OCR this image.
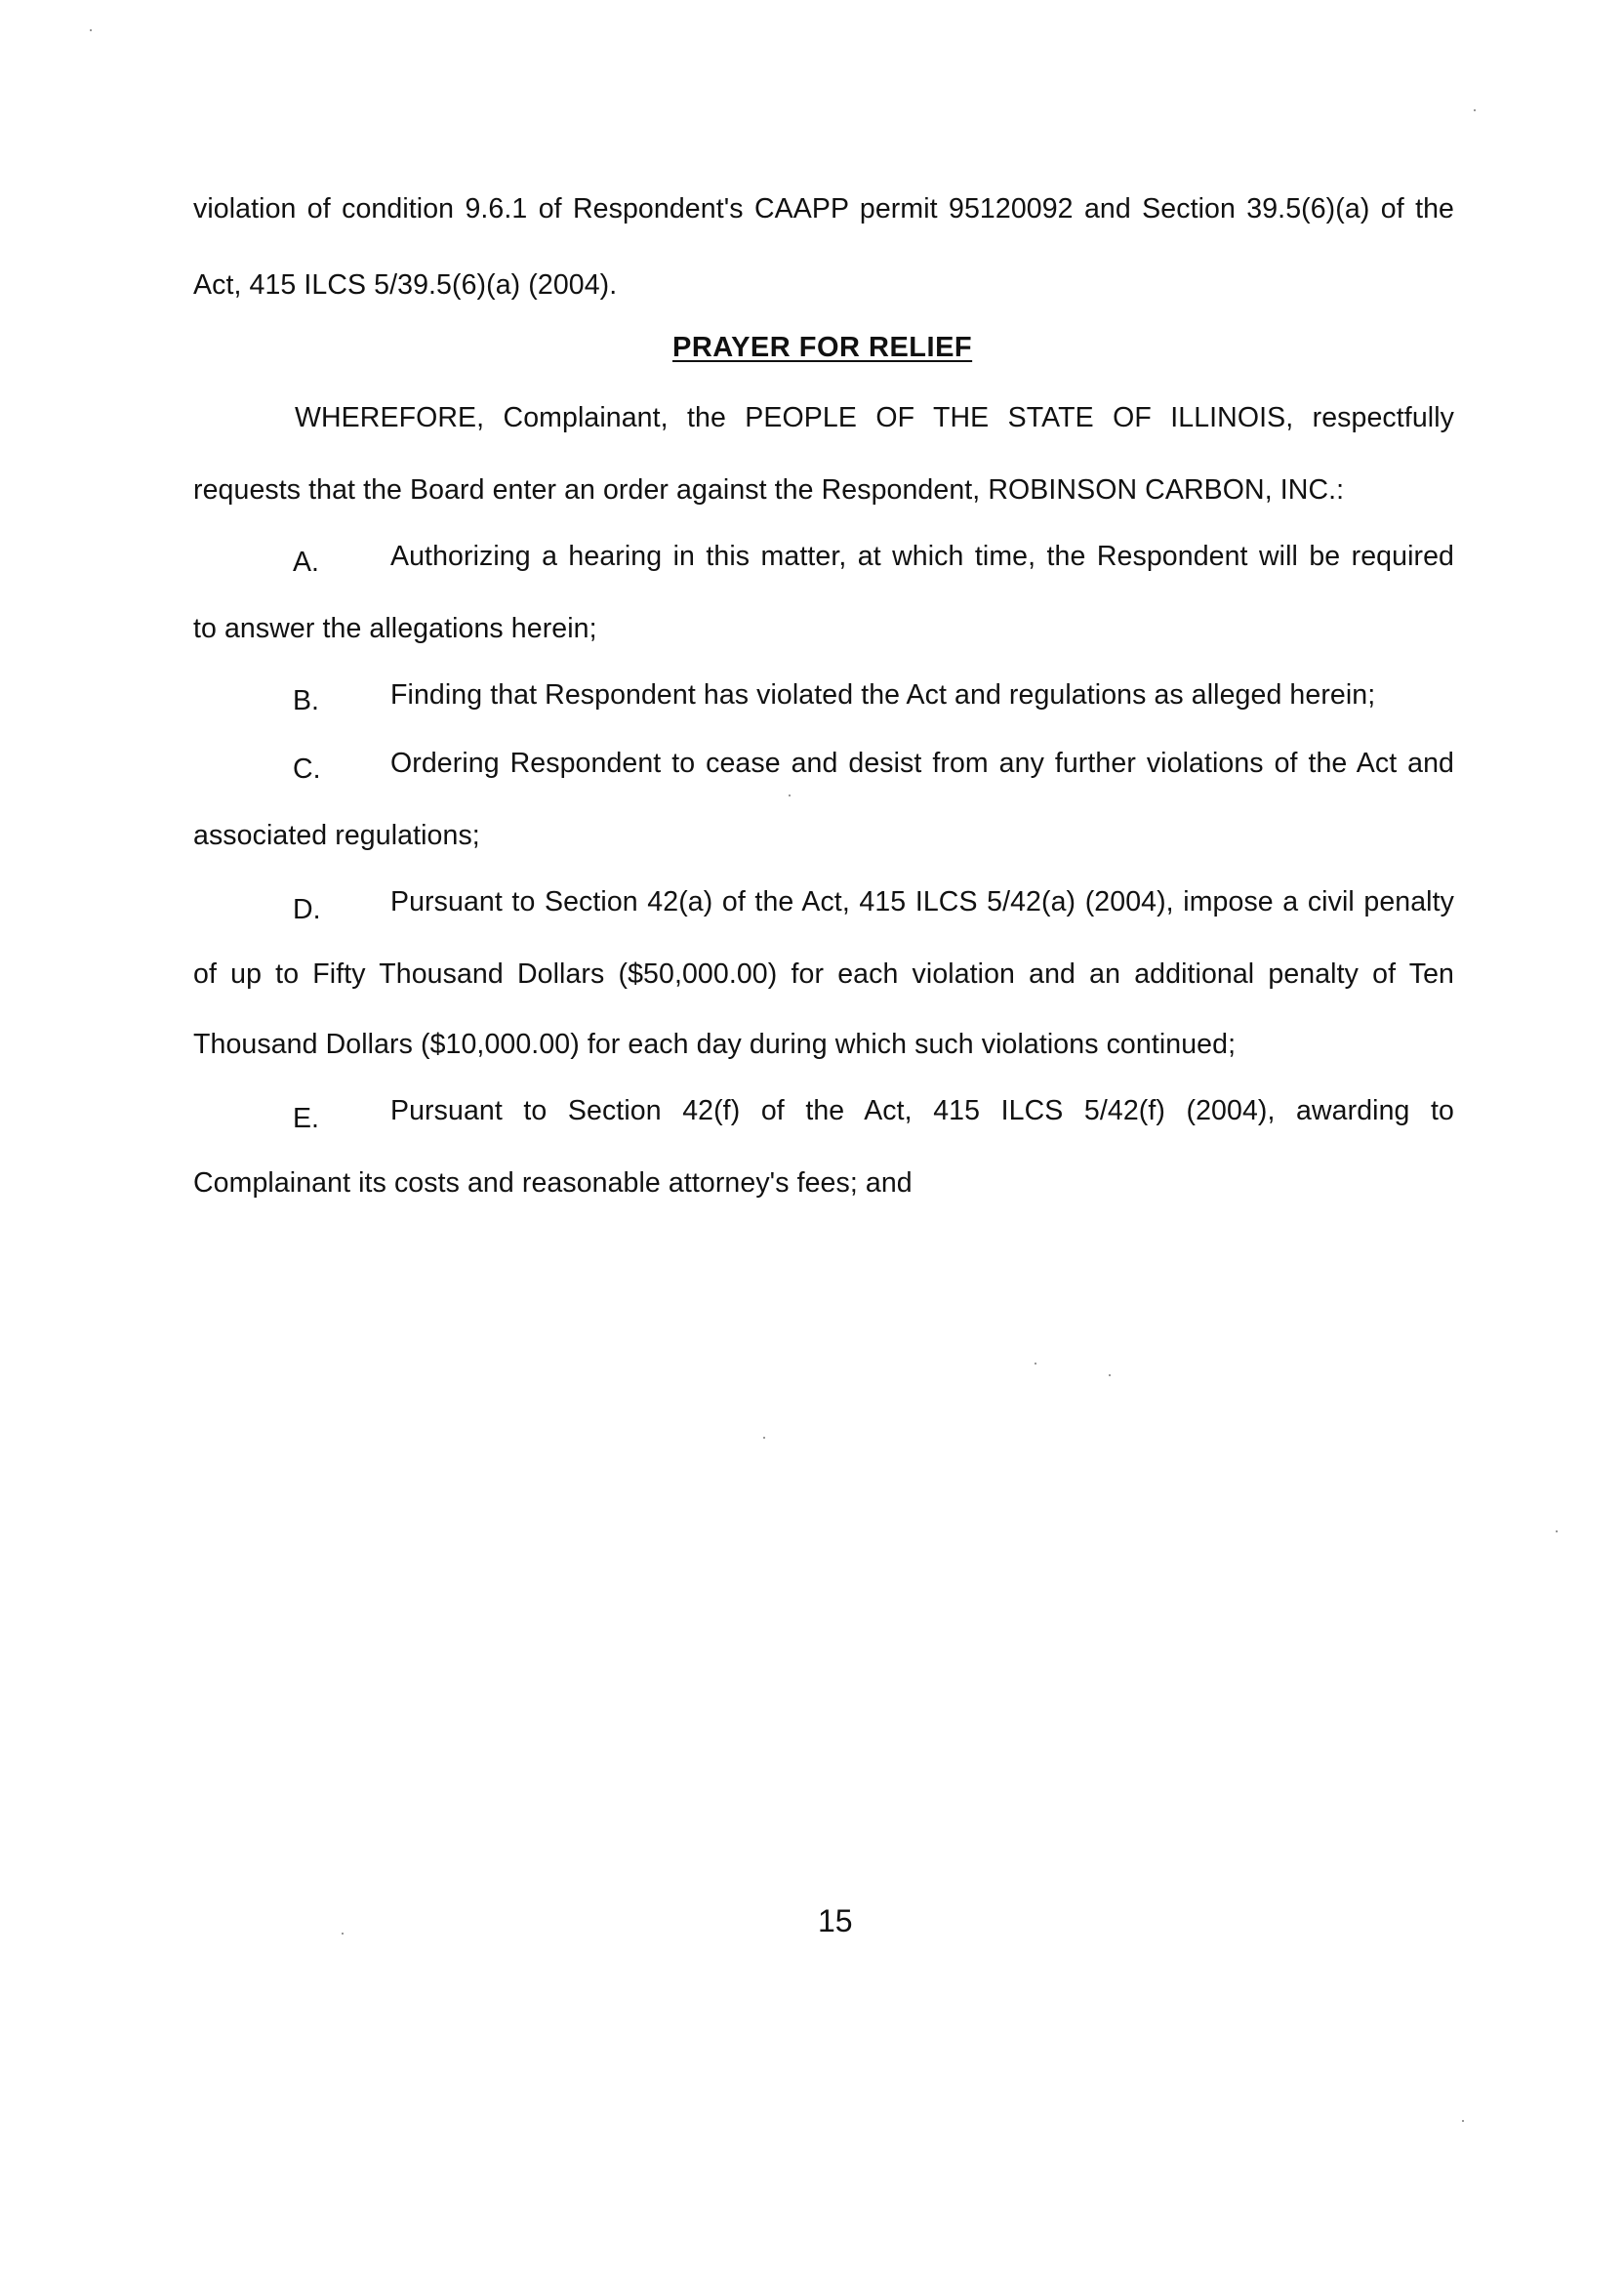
violation of condition 9.6.1 of Respondent's CAAPP permit 95120092 and Section 39.5(6)(a) of the
Act, 415 ILCS 5/39.5(6)(a) (2004).
PRAYER FOR RELIEF
WHEREFORE, Complainant, the PEOPLE OF THE STATE OF ILLINOIS, respectfully
requests that the Board enter an order against the Respondent, ROBINSON CARBON, INC.:
A.	Authorizing a hearing in this matter, at which time, the Respondent will be required
to answer the allegations herein;
B.	Finding that Respondent has violated the Act and regulations as alleged herein;
C.	Ordering Respondent to cease and desist from any further violations of the Act and
associated regulations;
D.	Pursuant to Section 42(a) of the Act, 415 ILCS 5/42(a) (2004), impose a civil penalty
of up to Fifty Thousand Dollars ($50,000.00) for each violation and an additional penalty of Ten
Thousand Dollars ($10,000.00) for each day during which such violations continued;
E.	Pursuant to Section 42(f) of the Act, 415 ILCS 5/42(f) (2004), awarding to
Complainant its costs and reasonable attorney's fees; and
15
